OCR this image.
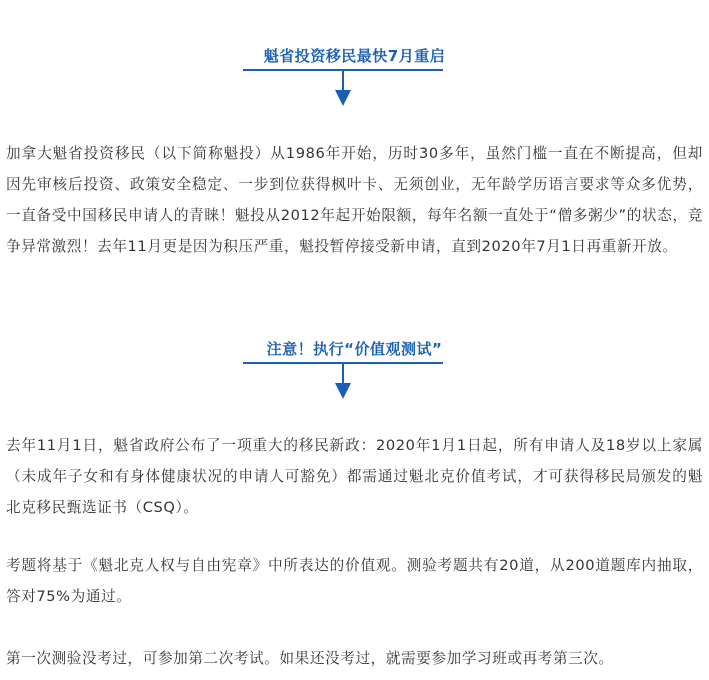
魁省投资移民最快7月重启

加拿大魁省投资移民（以下简称魁投）从1986年开始，历时30多年，虽然门槛一直在不断提高，但却因先审核后投资、政策安全稳定、一步到位获得枫叶卡、无须创业，无年龄学历语言要求等众多优势，一直备受中国移民申请人的青睐！魁投从2012年起开始限额，每年名额一直处于“僧多粥少”的状态，竞争异常激烈！去年11月更是因为积压严重，魁投暂停接受新申请，直到2020年7月1日再重新开放。

注意！执行“价值观测试”

去年11月1日，魁省政府公布了一项重大的移民新政：2020年1月1日起，所有申请人及18岁以上家属（未成年子女和有身体健康状况的申请人可豁免）都需通过魁北克价值考试，才可获得移民局颁发的魁北克移民甄选证书（CSQ）。

考题将基于《魁北克人权与自由宪章》中所表达的价值观。测验考题共有20道，从200道题库内抽取，答对75%为通过。

第一次测验没考过，可参加第二次考试。如果还没考过，就需要参加学习班或再考第三次。
